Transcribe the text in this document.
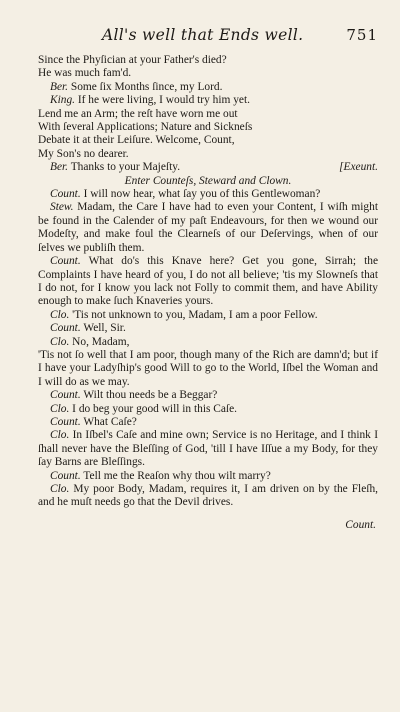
All's well that Ends well.	751

Since the Phyſician at your Father's died?

He was much fam'd.

Ber. Some ſix Months ſince, my Lord.

King. If he were living, I would try him yet.

Lend me an Arm; the reſt have worn me out

With ſeveral Applications; Nature and Sickneſs

Debate it at their Leiſure. Welcome, Count,

My Son's no dearer.

Ber. Thanks to your Majeſty.	[Exeunt.

Enter Counteſs, Steward and Clown.

Count. I will now hear, what ſay you of this Gentlewoman?

Stew. Madam, the Care I have had to even your Content, I wiſh might be found in the Calender of my paſt Endeavours, for then we wound our Modeſty, and make foul the Clearneſs of our Deſervings, when of our ſelves we publiſh them.

Count. What do's this Knave here? Get you gone, Sirrah; the Complaints I have heard of you, I do not all believe; 'tis my Slowneſs that I do not, for I know you lack not Folly to commit them, and have Ability enough to make ſuch Knaveries yours.

Clo. 'Tis not unknown to you, Madam, I am a poor Fellow.

Count. Well, Sir.

Clo. No, Madam,

'Tis not ſo well that I am poor, though many of the Rich are damn'd; but if I have your Ladyſhip's good Will to go to the World, Iſbel the Woman and I will do as we may.

Count. Wilt thou needs be a Beggar?

Clo. I do beg your good will in this Caſe.

Count. What Caſe?

Clo. In Iſbel's Caſe and mine own; Service is no Heritage, and I think I ſhall never have the Bleſſing of God, 'till I have Iſſue a my Body, for they ſay Barns are Bleſſings.

Count. Tell me the Reaſon why thou wilt marry?

Clo. My poor Body, Madam, requires it, I am driven on by the Fleſh, and he muſt needs go that the Devil drives.

Count.
